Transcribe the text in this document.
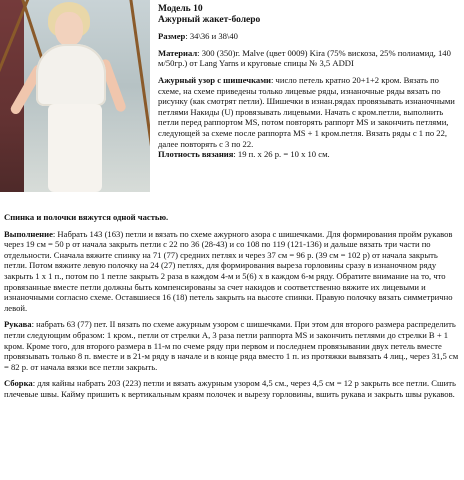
Модель 10
Ажурный жакет-болеро
Размер: 34\36 и 38\40
Материал: 300 (350)г. Malve (цвет 0009) Kira (75% вискоза, 25% полиамид, 140 м/50гр.) от Lang Yarns и круговые спицы № 3,5 ADDI
Ажурный узор с шишечками: число петель кратно 20+1+2 кром. Вязать по схеме, на схеме приведены только лицевые ряды, изнаночные ряды вязать по рисунку (как смотрят петли). Шишечки в изнан.рядах провязывать изнаночными петлями Накиды (U) провязывать лицевыми. Начать с кром.петли, выполнить петли перед раппортом MS, потом повторять раппорт MS и закончить петлями, следующей за схеме после раппорта MS + 1 кром.петля. Вязать ряды с 1 по 22, далее повторять с 3 по 22.
Плотность вязания: 19 п. х 26 р. = 10 х 10 см.
Спинка и полочки вяжутся одной частью.
Выполнение: Набрать 143 (163) петли и вязать по схеме ажурного азора с шишечками. Для формирования пройм рукавов через 19 см = 50 р от начала закрыть петли с 22 по 36 (28-43) и со 108 по 119 (121-136) и дальше вязать три части по отдельности. Сначала вяжите спинку на 71 (77) средних петлях и через 37 см = 96 р. (39 см = 102 р) от начала закрыть петли. Потом вяжите левую полочку на 24 (27) петлях, для формирования выреза горловины сразу в изнаночном ряду закрыть 1 х 1 п., потом по 1 петле закрыть 2 раза в каждом 4-м и 5(6) х в каждом 6-м ряду. Обратите внимание на то, что провязанные вместе петли должны быть компенсированы за счет накидов и соответственно вяжите их лицевыми и изнаночными согласно схеме. Оставшиеся 16 (18) петель закрыть на высоте спинки. Правую полочку вязать симметрично левой.
Рукава: набрать 63 (77) пет. II вязать по схеме ажурным узором с шишечками. При этом для второго размера распределить петли следующим образом: 1 кром., петли от стрелки A, 3 раза петли раппорта MS и закончить петлями до стрелки B + 1 кром. Кроме того, для второго размера в 11-м по счеме ряду при первом и последнем провязывании двух петель вместе провязывать только 8 п. вместе и в 21-м ряду в начале и в конце ряда вместо 1 п. из протяжки вывязать 4 лиц., через 31,5 см = 82 р. от начала вязки все петли закрыть.
Сборка: для кайны набрать 203 (223) петли и вязать ажурным узором 4,5 см., через 4,5 см = 12 р закрыть все петли. Сшить плечевые швы. Кайму пришить к вертикальным краям полочек и вырезу горловины, вшить рукава и закрыть швы рукавов.
